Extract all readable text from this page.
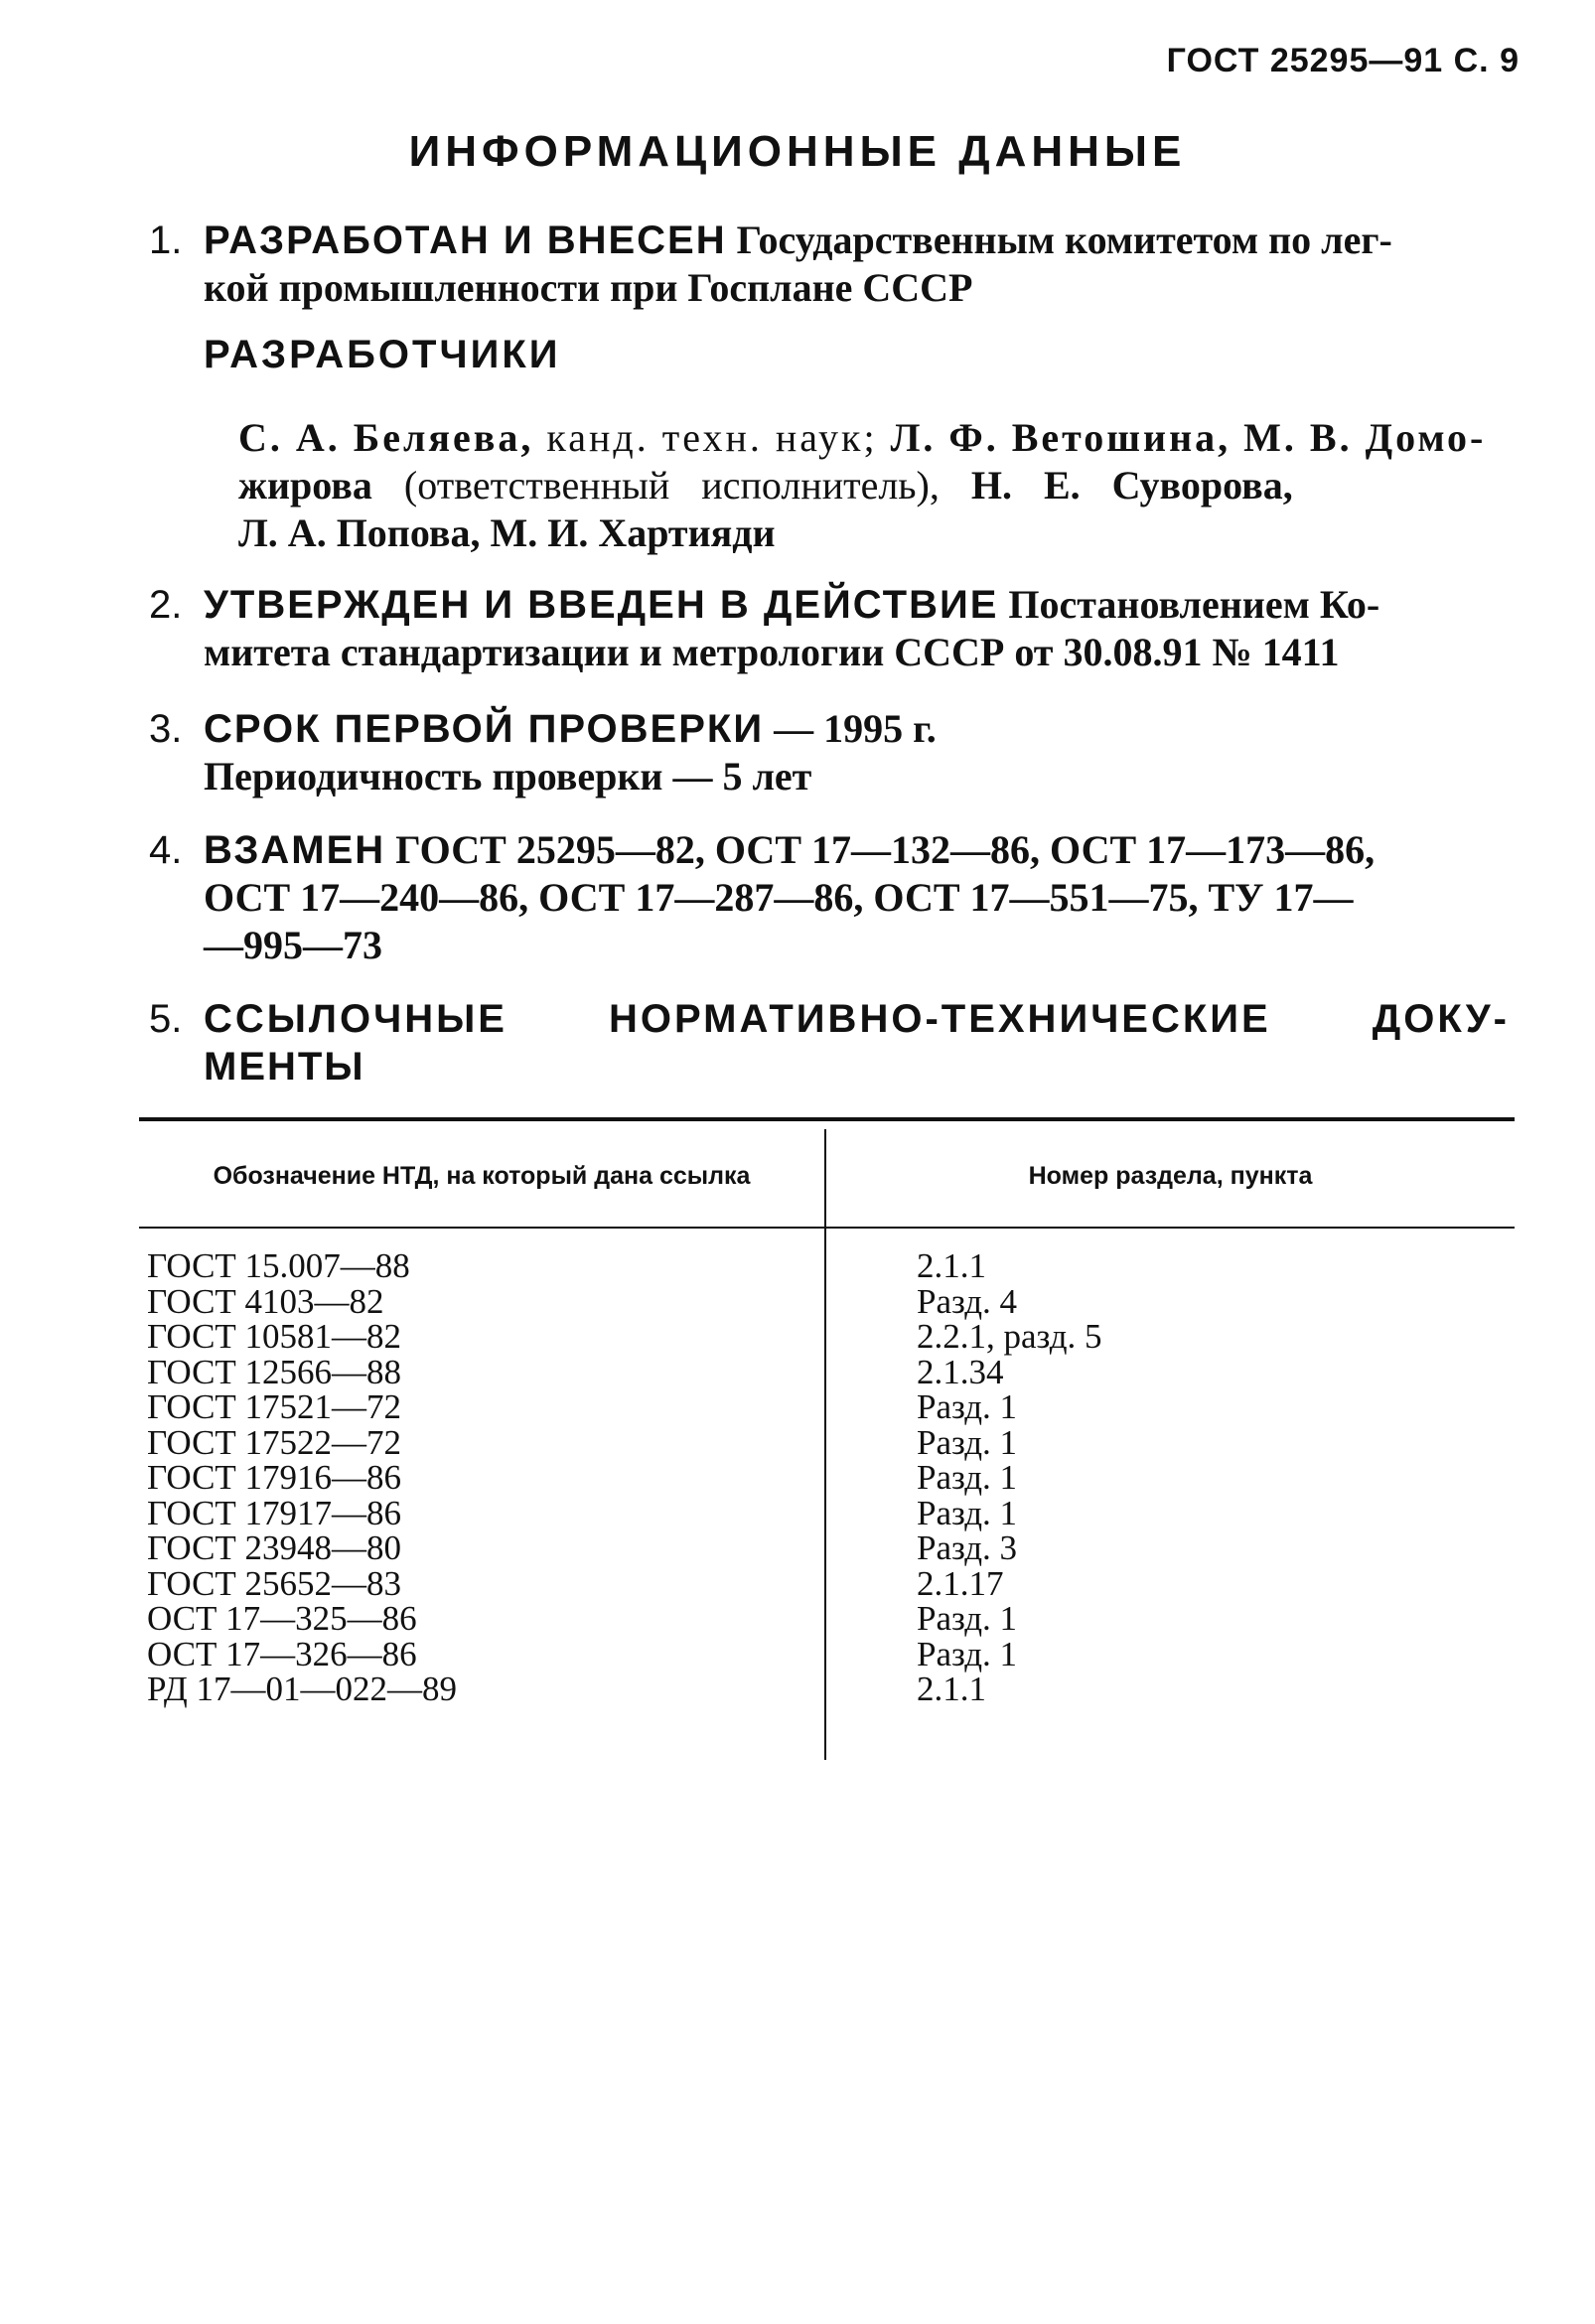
ГОСТ 25295—91 С. 9
ИНФОРМАЦИОННЫЕ ДАННЫЕ
1. РАЗРАБОТАН И ВНЕСЕН Государственным комитетом по лег-
кой промышленности при Госплане СССР
РАЗРАБОТЧИКИ
С. А. Беляева, канд. техн. наук; Л. Ф. Ветошина, М. В. Домо-
жирова (ответственный исполнитель), Н. Е. Суворова,
Л. А. Попова, М. И. Хартияди
2. УТВЕРЖДЕН И ВВЕДЕН В ДЕЙСТВИЕ Постановлением Ко-
митета стандартизации и метрологии СССР от 30.08.91 № 1411
3. СРОК ПЕРВОЙ ПРОВЕРКИ — 1995 г.
Периодичность проверки — 5 лет
4. ВЗАМЕН ГОСТ 25295—82, ОСТ 17—132—86, ОСТ 17—173—86,
ОСТ 17—240—86, ОСТ 17—287—86, ОСТ 17—551—75, ТУ 17—
—995—73
5. ССЫЛОЧНЫЕ	НОРМАТИВНО-ТЕХНИЧЕСКИЕ	ДОКУ-
МЕНТЫ
Обозначение НТД, на который дана ссылка	Номер раздела, пункта
ГОСТ 15.007—88	2.1.1
ГОСТ 4103—82	Разд. 4
ГОСТ 10581—82	2.2.1, разд. 5
ГОСТ 12566—88	2.1.34
ГОСТ 17521—72	Разд. 1
ГОСТ 17522—72	Разд. 1
ГОСТ 17916—86	Разд. 1
ГОСТ 17917—86	Разд. 1
ГОСТ 23948—80	Разд. 3
ГОСТ 25652—83	2.1.17
ОСТ 17—325—86	Разд. 1
ОСТ 17—326—86	Разд. 1
РД 17—01—022—89	2.1.1
